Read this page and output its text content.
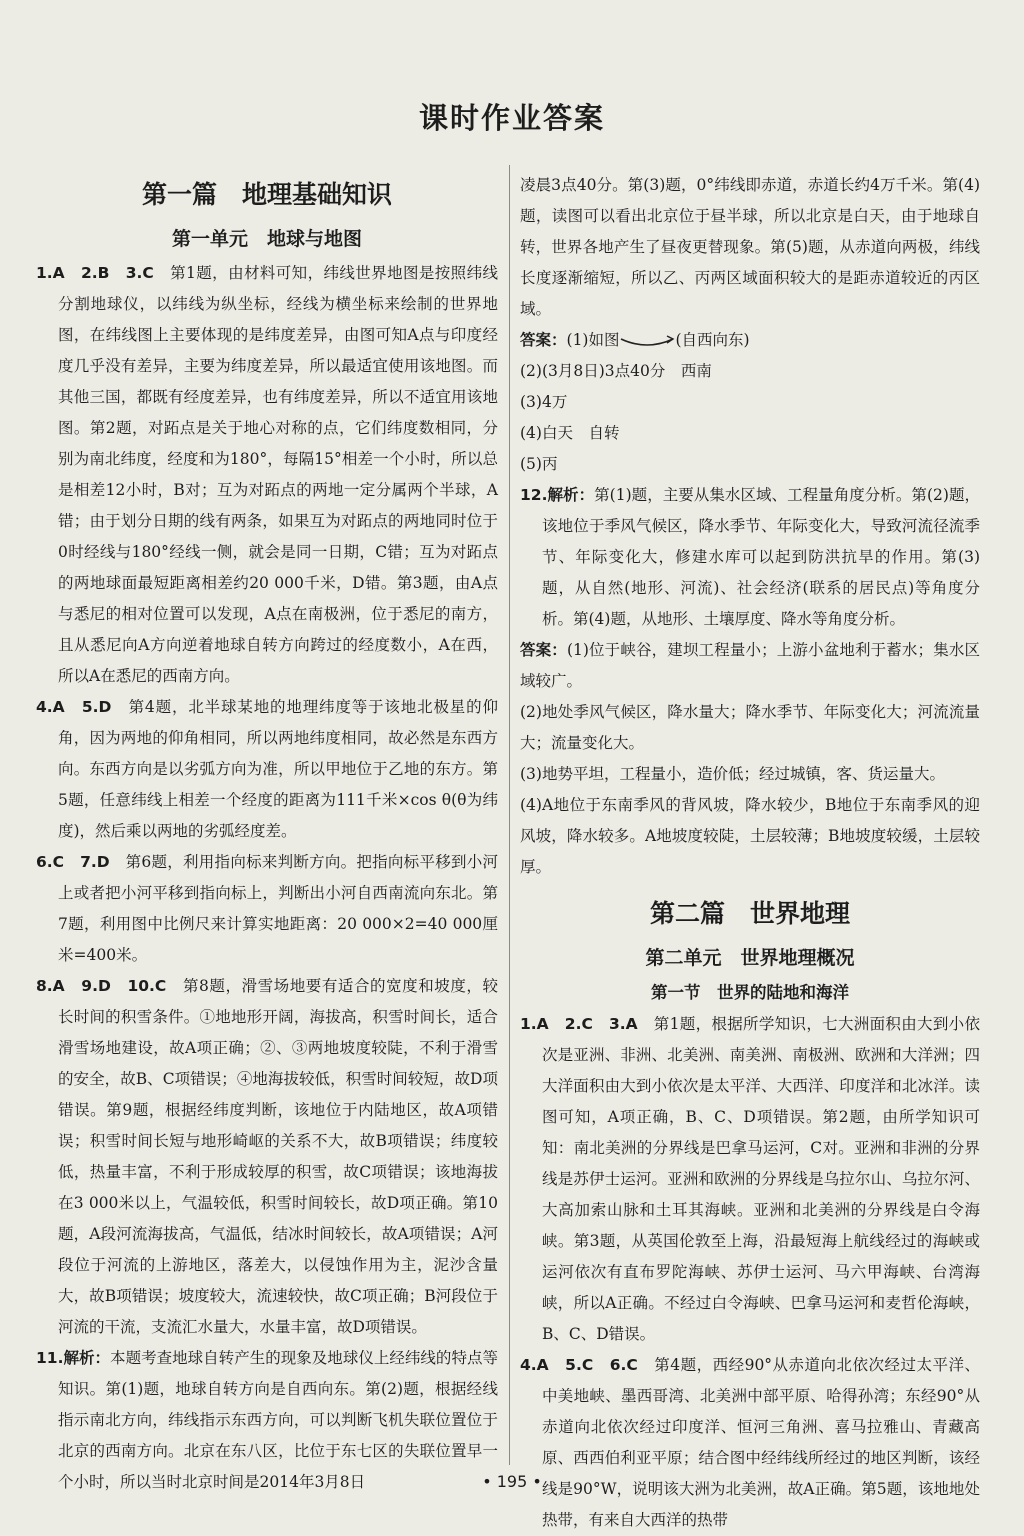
课时作业答案
第一篇　地理基础知识
第一单元　地球与地图

1.A　2.B　3.C　 第1题，由材料可知，纬线世界地图是按照纬线分割地球仪，以纬线为纵坐标，经线为横坐标来绘制的世界地图，在纬线图上主要体现的是纬度差异，由图可知A点与印度经度几乎没有差异，主要为纬度差异，所以最适宜使用该地图。而其他三国，都既有经度差异，也有纬度差异，所以不适宜用该地图。第2题，对跖点是关于地心对称的点，它们纬度数相同，分别为南北纬度，经度和为180°，每隔15°相差一个小时，所以总是相差12小时，B对；互为对跖点的两地一定分属两个半球，A错；由于划分日期的线有两条，如果互为对跖点的两地同时位于0时经线与180°经线一侧，就会是同一日期，C错；互为对跖点的两地球面最短距离相差约20 000千米，D错。第3题，由A点与悉尼的相对位置可以发现，A点在南极洲，位于悉尼的南方，且从悉尼向A方向逆着地球自转方向跨过的经度数小，A在西，所以A在悉尼的西南方向。

4.A　5.D　 第4题，北半球某地的地理纬度等于该地北极星的仰角，因为两地的仰角相同，所以两地纬度相同，故必然是东西方向。东西方向是以劣弧方向为准，所以甲地位于乙地的东方。第5题，任意纬线上相差一个经度的距离为111千米×cos θ(θ为纬度)，然后乘以两地的劣弧经度差。

6.C　7.D　 第6题，利用指向标来判断方向。把指向标平移到小河上或者把小河平移到指向标上，判断出小河自西南流向东北。第7题，利用图中比例尺来计算实地距离：20 000×2=40 000厘米=400米。

8.A　9.D　10.C　 第8题，滑雪场地要有适合的宽度和坡度，较长时间的积雪条件。①地地形开阔，海拔高，积雪时间长，适合滑雪场地建设，故A项正确；②、③两地坡度较陡，不利于滑雪的安全，故B、C项错误；④地海拔较低，积雪时间较短，故D项错误。第9题，根据经纬度判断，该地位于内陆地区，故A项错误；积雪时间长短与地形崎岖的关系不大，故B项错误；纬度较低，热量丰富，不利于形成较厚的积雪，故C项错误；该地海拔在3 000米以上，气温较低，积雪时间较长，故D项正确。第10题，A段河流海拔高，气温低，结冰时间较长，故A项错误；A河段位于河流的上游地区，落差大，以侵蚀作用为主，泥沙含量大，故B项错误；坡度较大，流速较快，故C项正确；B河段位于河流的干流，支流汇水量大，水量丰富，故D项错误。

11.解析：本题考查地球自转产生的现象及地球仪上经纬线的特点等知识。第(1)题，地球自转方向是自西向东。第(2)题，根据经线指示南北方向，纬线指示东西方向，可以判断飞机失联位置位于北京的西南方向。北京在东八区，比位于东七区的失联位置早一个小时，所以当时北京时间是2014年3月8日

凌晨3点40分。第(3)题，0°纬线即赤道，赤道长约4万千米。第(4)题，读图可以看出北京位于昼半球，所以北京是白天，由于地球自转，世界各地产生了昼夜更替现象。第(5)题，从赤道向两极，纬线长度逐渐缩短，所以乙、丙两区域面积较大的是距赤道较近的丙区域。

答案：(1)如图	(自西向东)

(2)(3月8日)3点40分　西南

(3)4万

(4)白天　自转

(5)丙

12.解析：第(1)题，主要从集水区域、工程量角度分析。第(2)题，该地位于季风气候区，降水季节、年际变化大，导致河流径流季节、年际变化大，修建水库可以起到防洪抗旱的作用。第(3)题，从自然(地形、河流)、社会经济(联系的居民点)等角度分析。第(4)题，从地形、土壤厚度、降水等角度分析。

答案：(1)位于峡谷，建坝工程量小；上游小盆地利于蓄水；集水区域较广。

(2)地处季风气候区，降水量大；降水季节、年际变化大；河流流量大；流量变化大。

(3)地势平坦，工程量小，造价低；经过城镇，客、货运量大。

(4)A地位于东南季风的背风坡，降水较少，B地位于东南季风的迎风坡，降水较多。A地坡度较陡，土层较薄；B地坡度较缓，土层较厚。

第二篇　世界地理
第二单元　世界地理概况
第一节　世界的陆地和海洋

1.A　2.C　3.A　 第1题，根据所学知识，七大洲面积由大到小依次是亚洲、非洲、北美洲、南美洲、南极洲、欧洲和大洋洲；四大洋面积由大到小依次是太平洋、大西洋、印度洋和北冰洋。读图可知，A项正确，B、C、D项错误。第2题，由所学知识可知：南北美洲的分界线是巴拿马运河，C对。亚洲和非洲的分界线是苏伊士运河。亚洲和欧洲的分界线是乌拉尔山、乌拉尔河、大高加索山脉和土耳其海峡。亚洲和北美洲的分界线是白令海峡。第3题，从英国伦敦至上海，沿最短海上航线经过的海峡或运河依次有直布罗陀海峡、苏伊士运河、马六甲海峡、台湾海峡，所以A正确。不经过白令海峡、巴拿马运河和麦哲伦海峡，B、C、D错误。

4.A　5.C　6.C　 第4题，西经90°从赤道向北依次经过太平洋、中美地峡、墨西哥湾、北美洲中部平原、哈得孙湾；东经90°从赤道向北依次经过印度洋、恒河三角洲、喜马拉雅山、青藏高原、西西伯利亚平原；结合图中经纬线所经过的地区判断，该经线是90°W，说明该大洲为北美洲，故A正确。第5题，该地地处热带，有来自大西洋的热带

• 195 •
